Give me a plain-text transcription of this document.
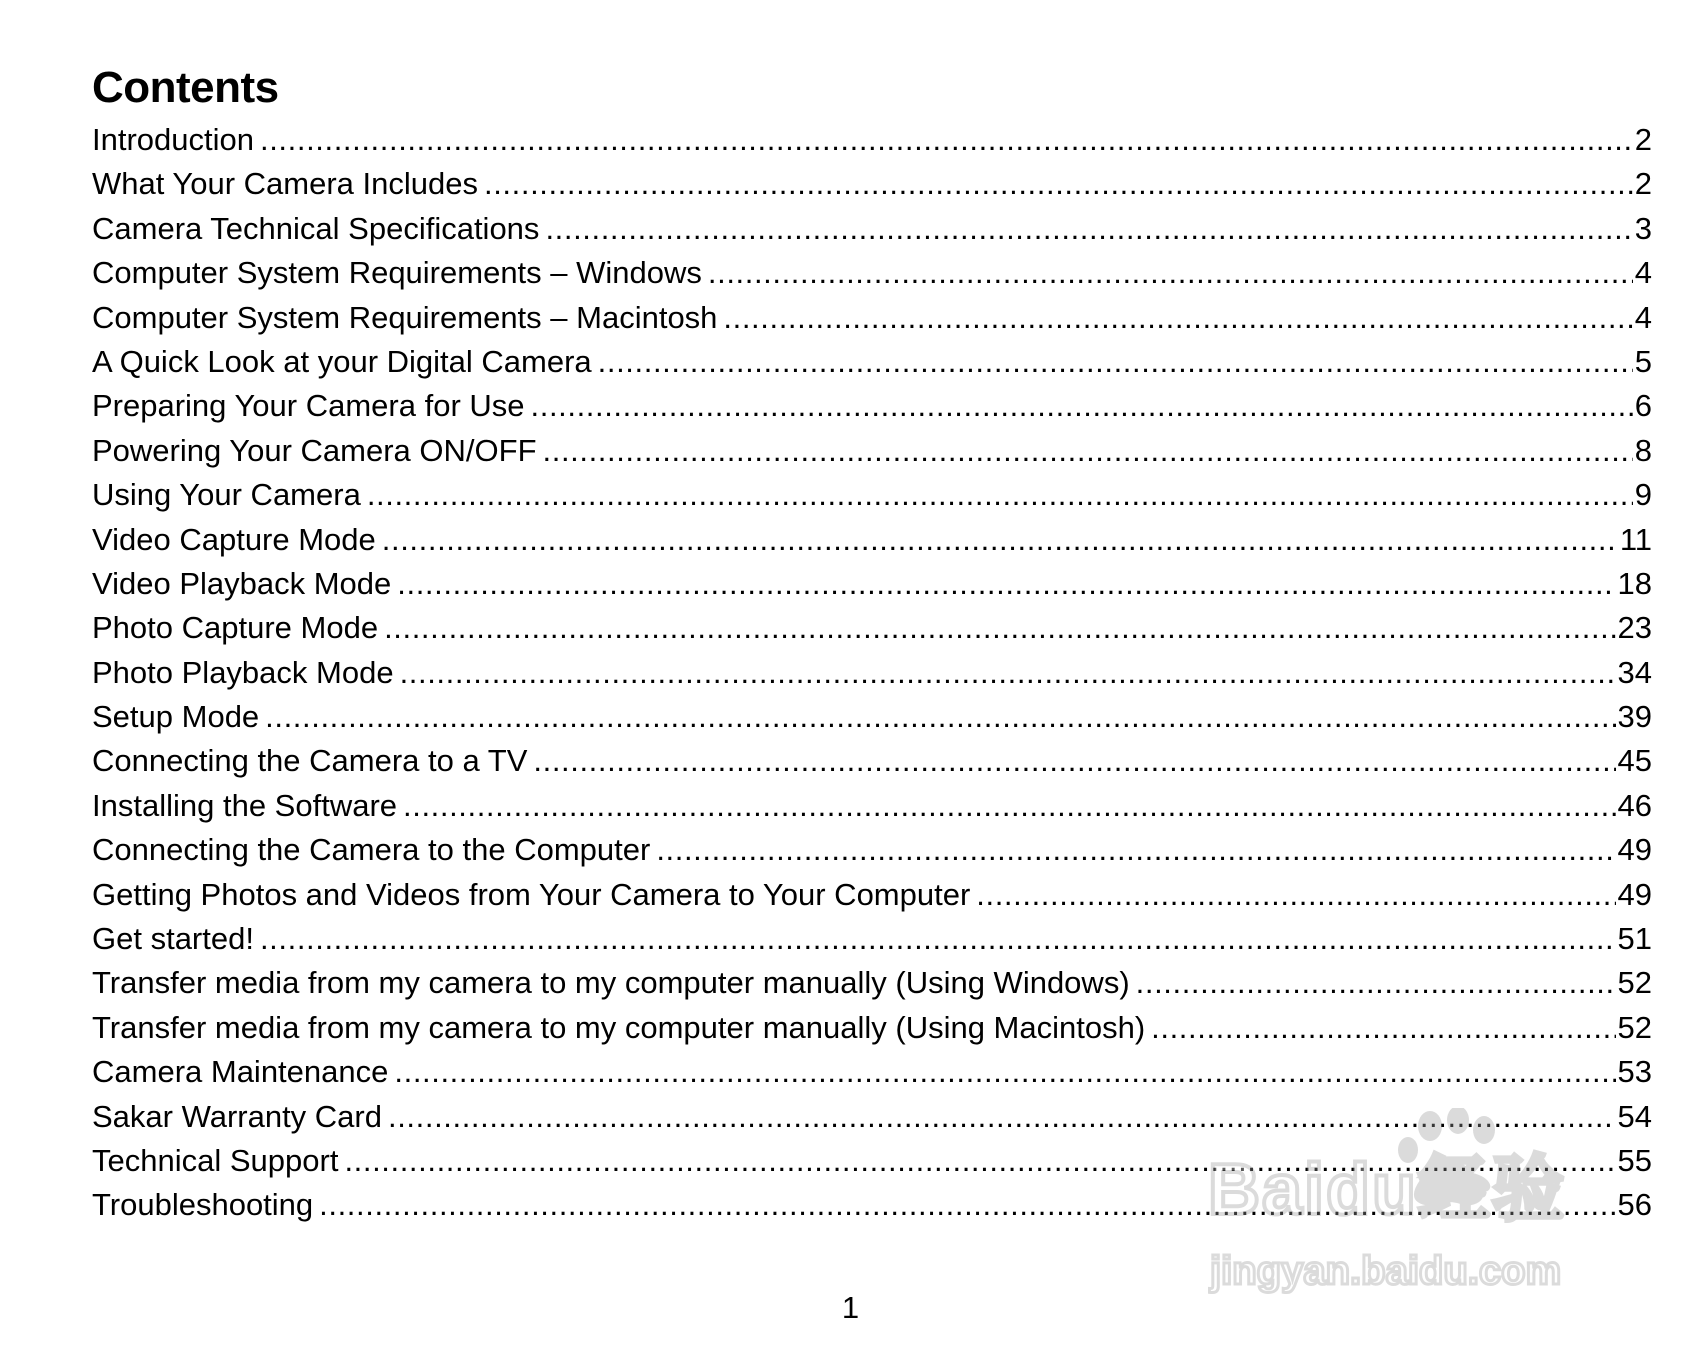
Contents
Introduction .....	2
What Your Camera Includes .....	2
Camera Technical Specifications .....	3
Computer System Requirements – Windows .....	4
Computer System Requirements – Macintosh .....	4
A Quick Look at your Digital Camera .....	5
Preparing Your Camera for Use .....	6
Powering Your Camera ON/OFF .....	8
Using Your Camera .....	9
Video Capture Mode .....	11
Video Playback Mode .....	18
Photo Capture Mode .....	23
Photo Playback Mode .....	34
Setup Mode .....	39
Connecting the Camera to a TV .....	45
Installing the Software .....	46
Connecting the Camera to the Computer .....	49
Getting Photos and Videos from Your Camera to Your Computer .....	49
Get started! .....	51
Transfer media from my camera to my computer manually (Using Windows) .....	52
Transfer media from my camera to my computer manually (Using Macintosh) .....	52
Camera Maintenance .....	53
Sakar Warranty Card .....	54
Technical Support .....	55
Troubleshooting .....	56
1
Baidu经验
jingyan.baidu.com
